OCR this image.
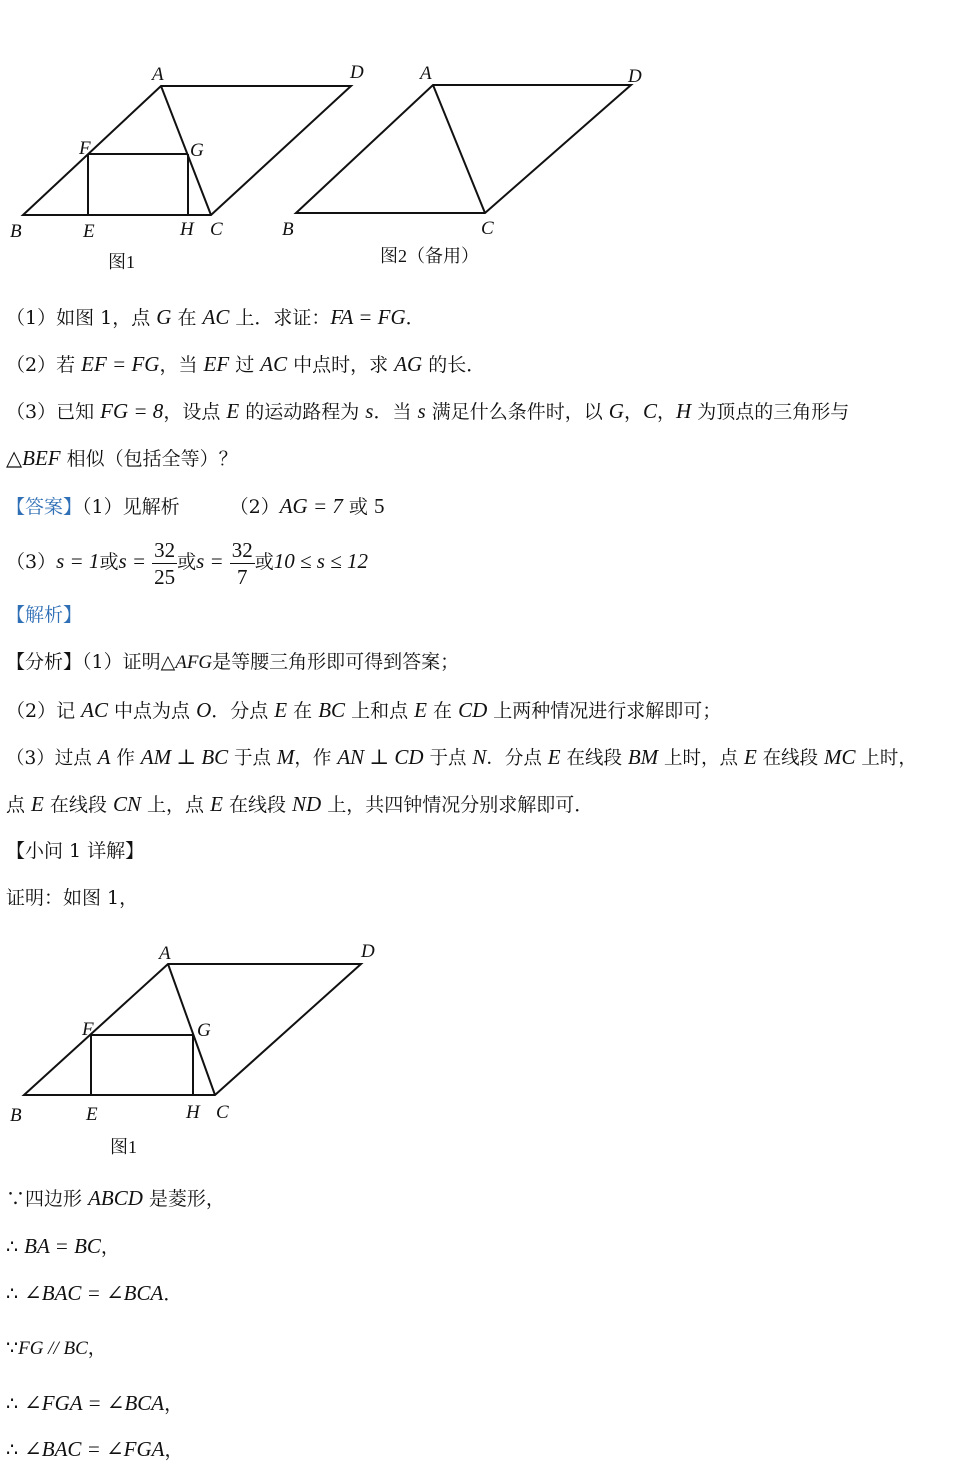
A	D
F	G
B	E	H C
图1
A	D
B	C
图2（备用）
（1）如图 1，点 G 在 AC 上．求证：FA = FG．
（2）若 EF = FG，当 EF 过 AC 中点时，求 AG 的长．
（3）已知 FG = 8，设点 E 的运动路程为 s．当 s 满足什么条件时，以 G，C，H 为顶点的三角形与
△BEF 相似（包括全等）？
【答案】（1）见解析	（2）AG = 7 或 5
（3）s = 1或$s = \frac{32}{25}$ 或$s = \frac{32}{7}$ 或10 ≤ s ≤ 12
【解析】
【分析】（1）证明△AFG是等腰三角形即可得到答案；
（2）记 AC 中点为点 O．分点 E 在 BC 上和点 E 在 CD 上两种情况进行求解即可；
（3）过点 A 作 AM ⊥ BC 于点 M，作 AN ⊥ CD 于点 N．分点 E 在线段 BM 上时，点 E 在线段 MC 上时，
点 E 在线段 CN 上，点 E 在线段 ND 上，共四钟情况分别求解即可．
【小问 1 详解】
证明：如图 1，
A	D
F	G
B	E	H C
图1
∵四边形 ABCD 是菱形，
∴ BA = BC，
∴ ∠BAC = ∠BCA．
∵FG // BC，
∴ ∠FGA = ∠BCA，
∴ ∠BAC = ∠FGA，
